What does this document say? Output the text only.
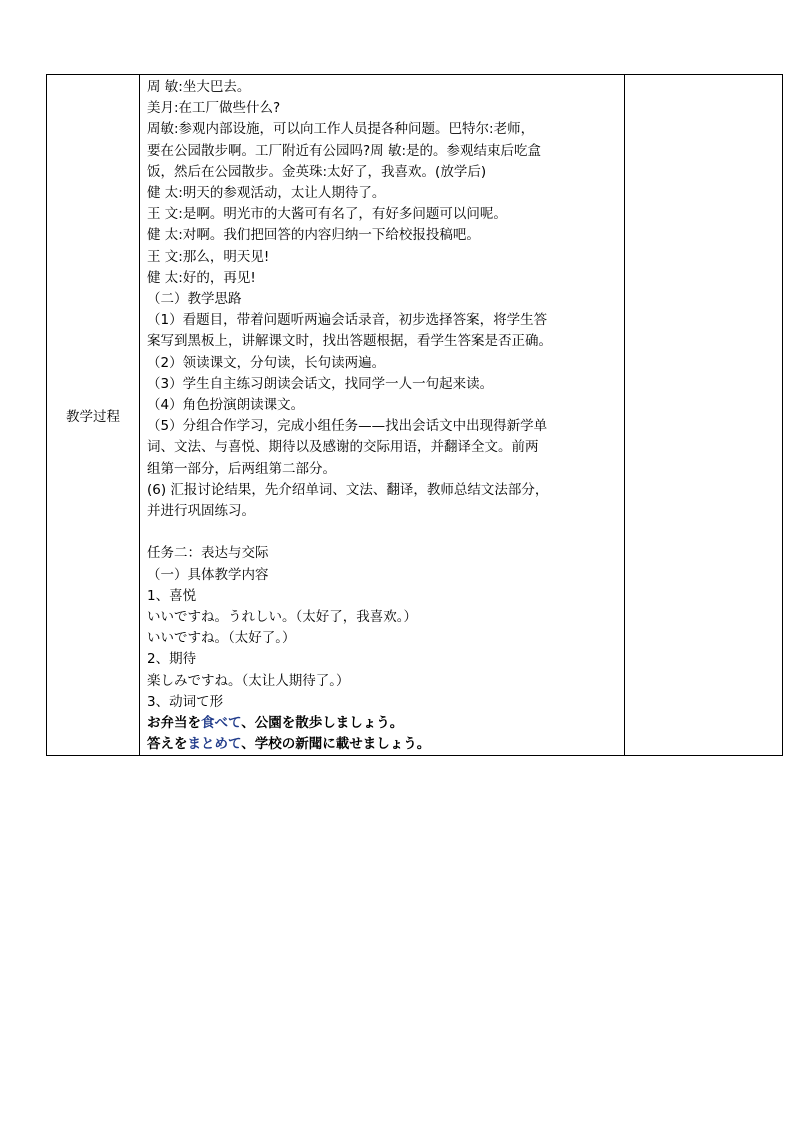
教学过程	
周 敏:坐大巴去。
美月:在工厂做些什么?
周敏:参观内部设施，可以向工作人员提各种问题。巴特尔:老师，
要在公园散步啊。工厂附近有公园吗?周 敏:是的。参观结束后吃盒
饭，然后在公园散步。金英珠:太好了，我喜欢。(放学后)
健 太:明天的参观活动，太让人期待了。
王 文:是啊。明光市的大酱可有名了，有好多问题可以问呢。
健 太:对啊。我们把回答的内容归纳一下给校报投稿吧。
王 文:那么，明天见!
健 太:好的，再见!
（二）教学思路
（1）看题目，带着问题听两遍会话录音，初步选择答案，将学生答
案写到黑板上，讲解课文时，找出答题根据，看学生答案是否正确。
（2）领读课文，分句读，长句读两遍。
（3）学生自主练习朗读会话文，找同学一人一句起来读。
（4）角色扮演朗读课文。
（5）分组合作学习，完成小组任务——找出会话文中出现得新学单
词、文法、与喜悦、期待以及感谢的交际用语，并翻译全文。前两
组第一部分，后两组第二部分。
(6) 汇报讨论结果，先介绍单词、文法、翻译，教师总结文法部分，
并进行巩固练习。
任务二：表达与交际
（一）具体教学内容
1、喜悦
いいですね。うれしい。（太好了，我喜欢。）
いいですね。（太好了。）
2、期待
楽しみですね。（太让人期待了。）
3、动词て形
お弁当を食べて、公園を散歩しましょう。
答えをまとめて、学校の新聞に載せましょう。
